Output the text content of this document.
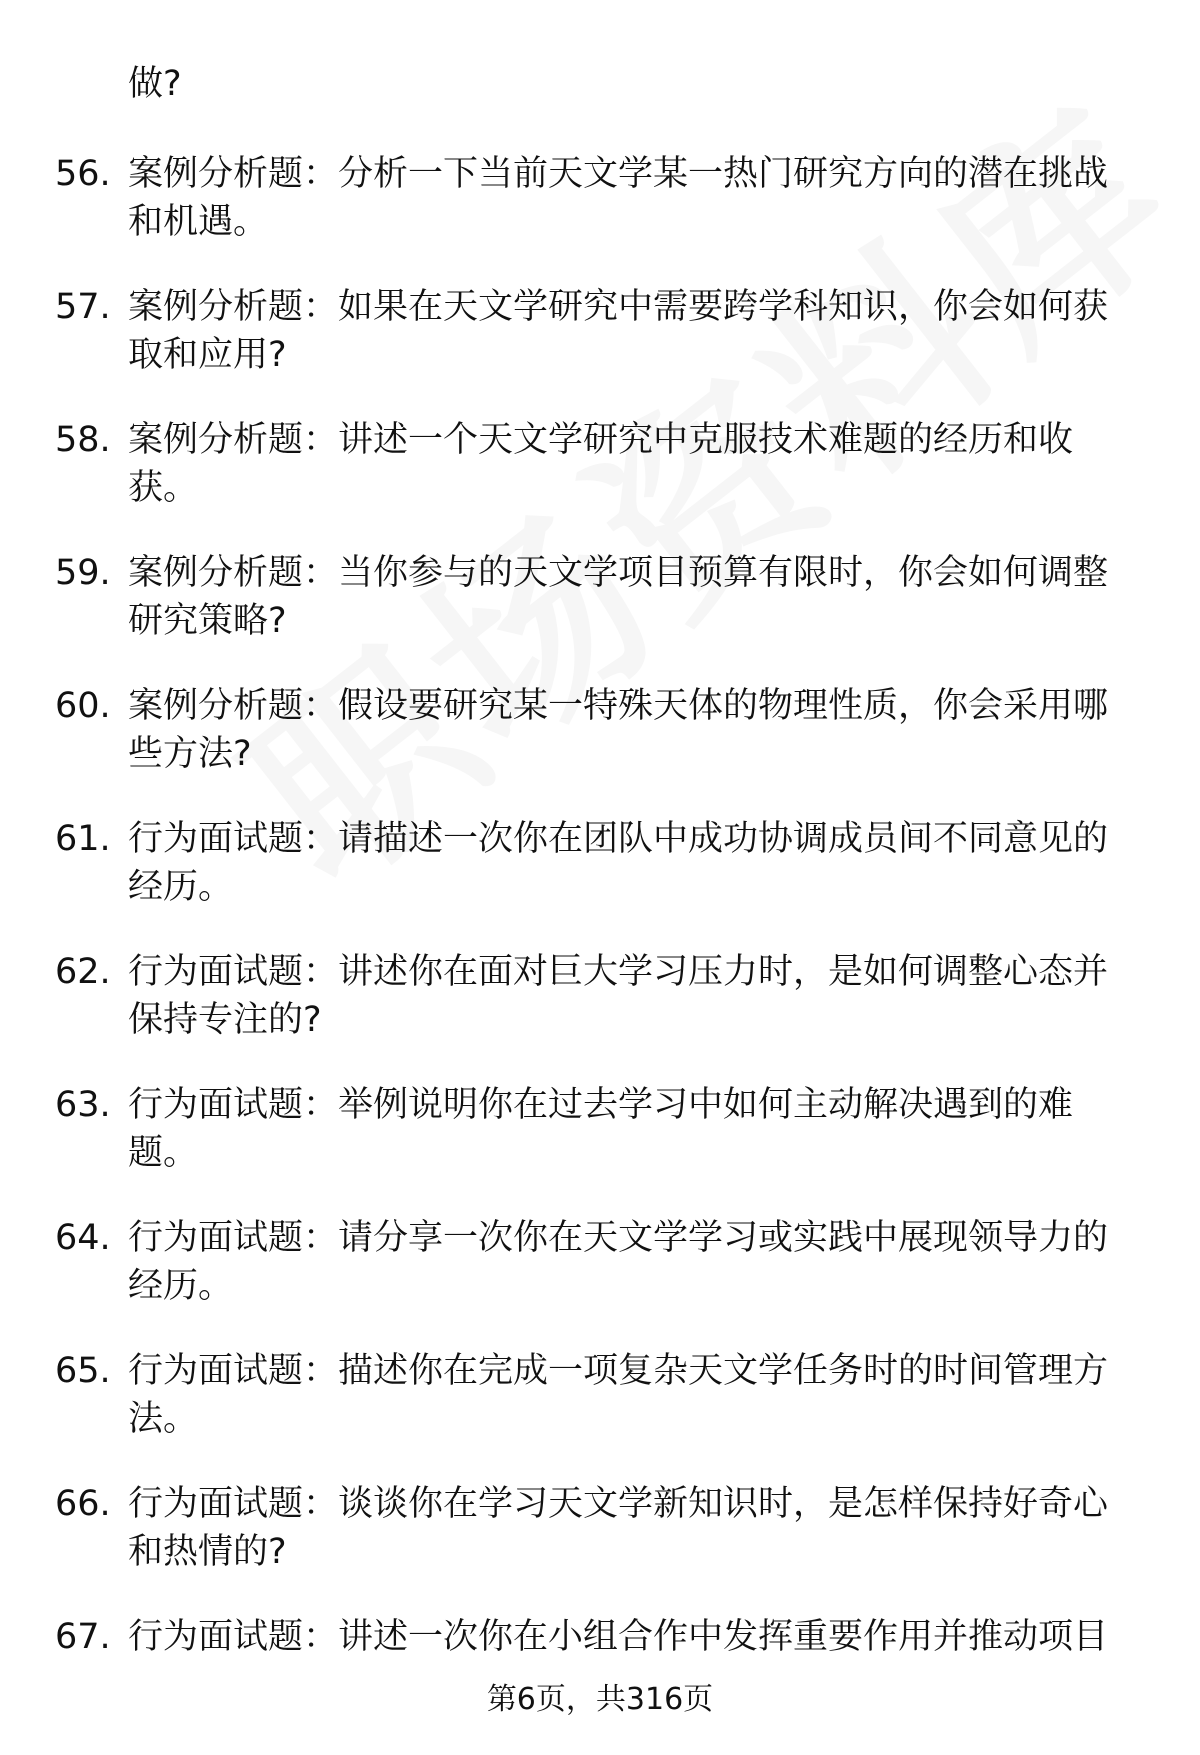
做?
56. 案例分析题：分析一下当前天文学某一热门研究方向的潜在挑战和机遇。
57. 案例分析题：如果在天文学研究中需要跨学科知识，你会如何获取和应用?
58. 案例分析题：讲述一个天文学研究中克服技术难题的经历和收获。
59. 案例分析题：当你参与的天文学项目预算有限时，你会如何调整研究策略?
60. 案例分析题：假设要研究某一特殊天体的物理性质，你会采用哪些方法?
61. 行为面试题：请描述一次你在团队中成功协调成员间不同意见的经历。
62. 行为面试题：讲述你在面对巨大学习压力时，是如何调整心态并保持专注的?
63. 行为面试题：举例说明你在过去学习中如何主动解决遇到的难题。
64. 行为面试题：请分享一次你在天文学学习或实践中展现领导力的经历。
65. 行为面试题：描述你在完成一项复杂天文学任务时的时间管理方法。
66. 行为面试题：谈谈你在学习天文学新知识时，是怎样保持好奇心和热情的?
67. 行为面试题：讲述一次你在小组合作中发挥重要作用并推动项目
第6页，共316页
